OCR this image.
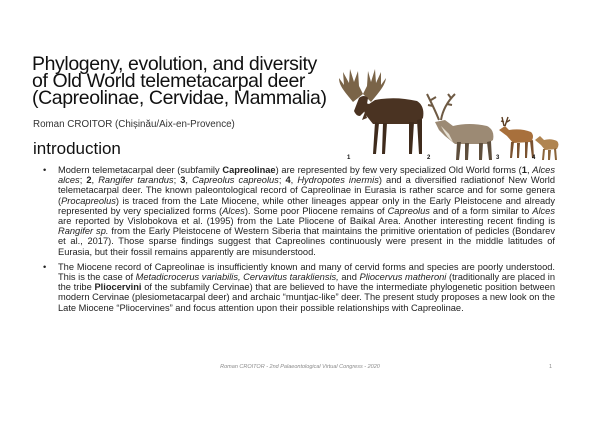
Phylogeny, evolution, and diversity
of Old World telemetacarpal deer
(Capreolinae, Cervidae, Mammalia)
Roman CROITOR (Chișinău/Aix-en-Provence)
introduction	1	2	3	4
• Modern telemetacarpal deer (subfamily Capreolinae) are represented by few very specialized Old World forms (1, Alces alces; 2, Rangifer tarandus; 3, Capreolus capreolus; 4, Hydropotes inermis) and a diversified radiationof New World telemetacarpal deer. The known paleontological record of Capreolinae in Eurasia is rather scarce and for some genera (Procapreolus) is traced from the Late Miocene, while other lineages appear only in the Early Pleistocene and already represented by very specialized forms (Alces). Some poor Pliocene remains of Capreolus and of a form similar to Alces are reported by Vislobokova et al. (1995) from the Late Pliocene of Baikal Area. Another interesting recent finding is Rangifer sp. from the Early Pleistocene of Western Siberia that maintains the primitive orientation of pedicles (Bondarev et al., 2017). Those sparse findings suggest that Capreolines continuously were present in the middle latitudes of Eurasia, but their fossil remains apparently are misunderstood.
• The Miocene record of Capreolinae is insufficiently known and many of cervid forms and species are poorly understood. This is the case of Metadicrocerus variabilis, Cervavitus tarakliensis, and Pliocervus matheroni (traditionally are placed in the tribe Pliocervini of the subfamily Cervinae) that are believed to have the intermediate phylogenetic position between modern Cervinae (plesiometacarpal deer) and archaic “muntjac-like” deer. The present study proposes a new look on the Late Miocene “Pliocervines” and focus attention upon their possible relationships with Capreolinae.
Roman CROITOR - 2nd Palaeontological Virtual Congress - 2020	1
